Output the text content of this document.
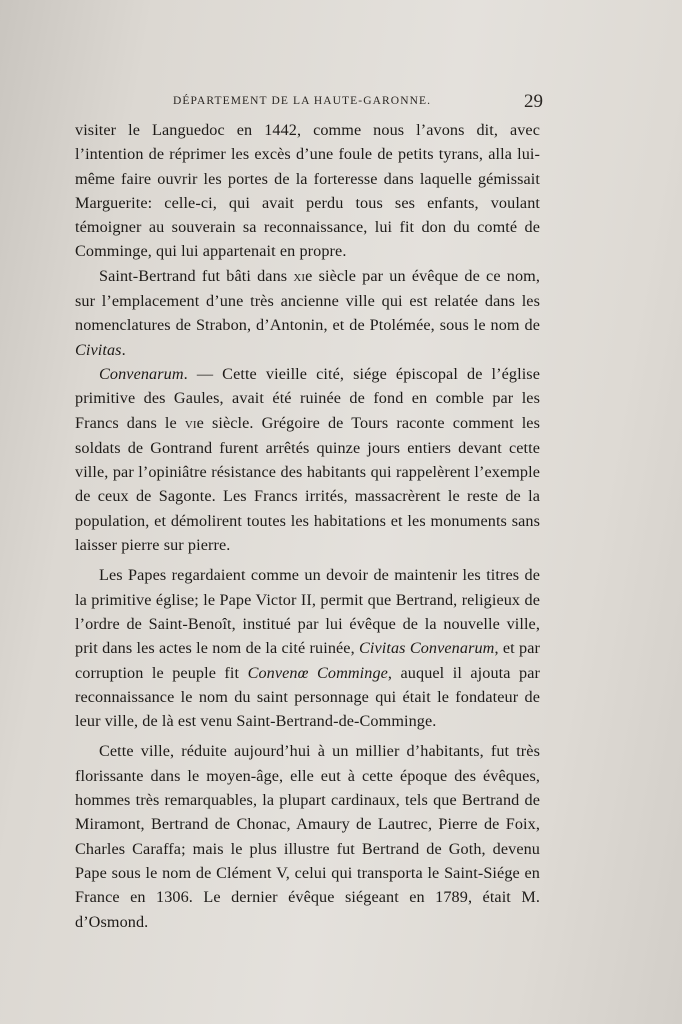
DÉPARTEMENT DE LA HAUTE-GARONNE.	29

visiter le Languedoc en 1442, comme nous l’avons dit, avec l’intention de réprimer les excès d’une foule de petits tyrans, alla lui-même faire ouvrir les portes de la forteresse dans laquelle gémissait Marguerite: celle-ci, qui avait perdu tous ses enfants, voulant témoigner au souverain sa reconnaissance, lui fit don du comté de Comminge, qui lui appartenait en propre.

Saint-Bertrand fut bâti dans xie siècle par un évêque de ce nom, sur l’emplacement d’une très ancienne ville qui est relatée dans les nomenclatures de Strabon, d’Antonin, et de Ptolémée, sous le nom de Civitas.

Convenarum. — Cette vieille cité, siége épiscopal de l’église primitive des Gaules, avait été ruinée de fond en comble par les Francs dans le vie siècle. Grégoire de Tours raconte comment les soldats de Gontrand furent arrêtés quinze jours entiers devant cette ville, par l’opiniâtre résistance des habitants qui rappelèrent l’exemple de ceux de Sagonte. Les Francs irrités, massacrèrent le reste de la population, et démolirent toutes les habitations et les monuments sans laisser pierre sur pierre.

Les Papes regardaient comme un devoir de maintenir les titres de la primitive église; le Pape Victor II, permit que Bertrand, religieux de l’ordre de Saint-Benoît, institué par lui évêque de la nouvelle ville, prit dans les actes le nom de la cité ruinée, Civitas Convenarum, et par corruption le peuple fit Convenœ Comminge, auquel il ajouta par reconnaissance le nom du saint personnage qui était le fondateur de leur ville, de là est venu Saint-Bertrand-de-Comminge.

Cette ville, réduite aujourd’hui à un millier d’habitants, fut très florissante dans le moyen-âge, elle eut à cette époque des évêques, hommes très remarquables, la plupart cardinaux, tels que Bertrand de Miramont, Bertrand de Chonac, Amaury de Lautrec, Pierre de Foix, Charles Caraffa; mais le plus illustre fut Bertrand de Goth, devenu Pape sous le nom de Clément V, celui qui transporta le Saint-Siége en France en 1306. Le dernier évêque siégeant en 1789, était M. d’Osmond.
